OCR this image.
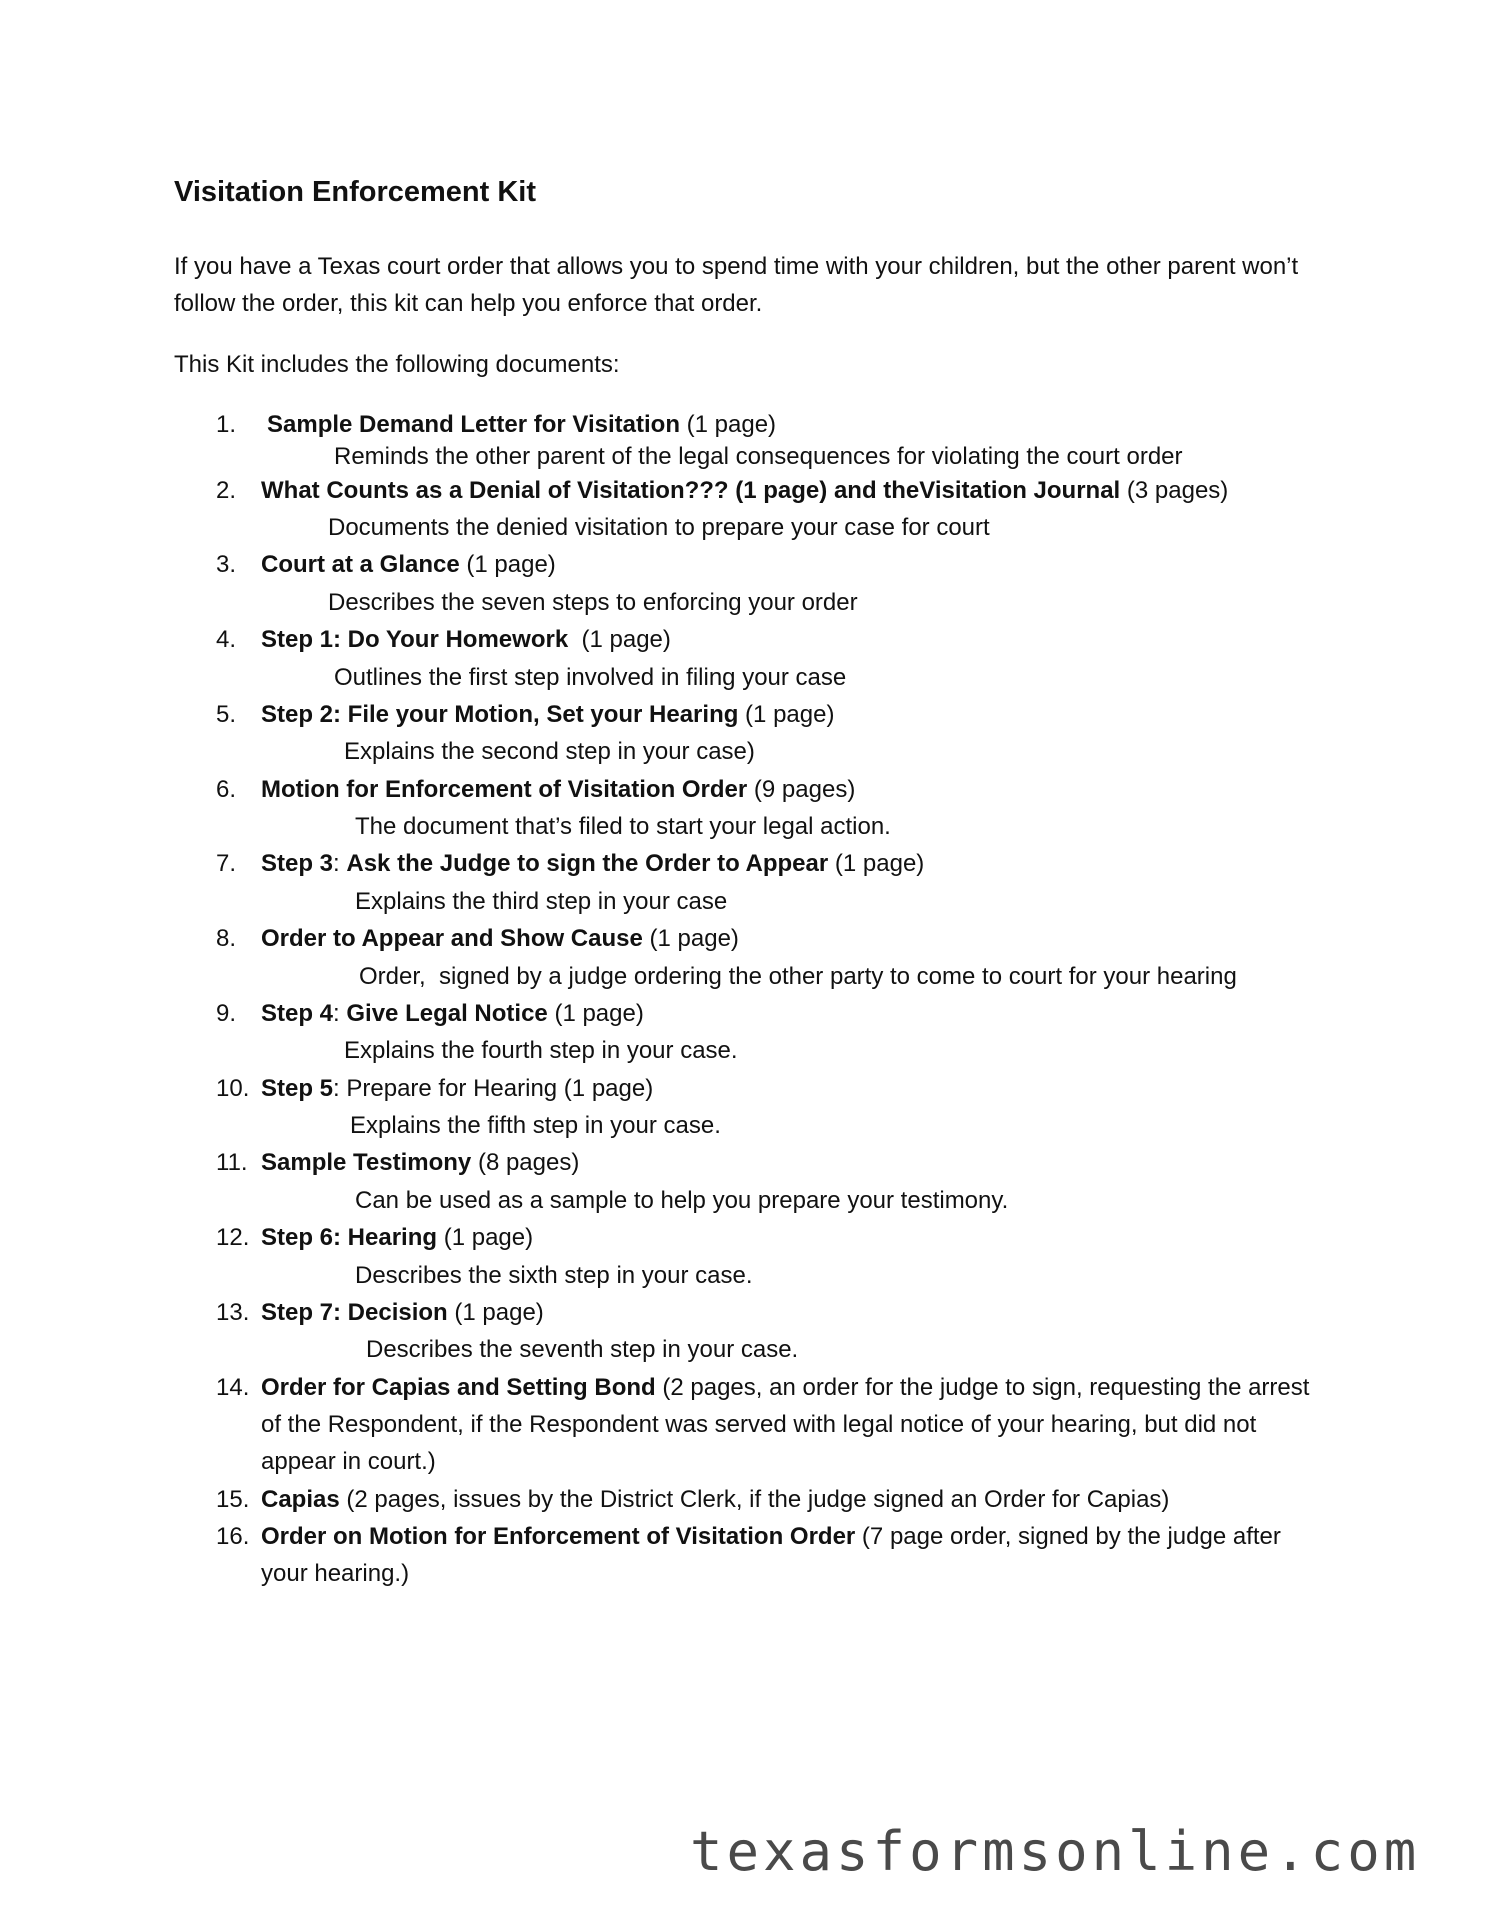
Visitation Enforcement Kit

If you have a Texas court order that allows you to spend time with your children, but the other parent won’t follow the order, this kit can help you enforce that order.

This Kit includes the following documents:

1.	Sample Demand Letter for Visitation (1 page)
Reminds the other parent of the legal consequences for violating the court order
2.	What Counts as a Denial of Visitation??? (1 page) and theVisitation Journal (3 pages)
Documents the denied visitation to prepare your case for court
3.	Court at a Glance (1 page)
Describes the seven steps to enforcing your order
4.	Step 1: Do Your Homework  (1 page)
Outlines the first step involved in filing your case
5.	Step 2: File your Motion, Set your Hearing (1 page)
Explains the second step in your case)
6.	Motion for Enforcement of Visitation Order (9 pages)
The document that’s filed to start your legal action.
7.	Step 3: Ask the Judge to sign the Order to Appear (1 page)
Explains the third step in your case
8.	Order to Appear and Show Cause (1 page)
Order,  signed by a judge ordering the other party to come to court for your hearing
9.	Step 4: Give Legal Notice (1 page)
Explains the fourth step in your case.
10. Step 5: Prepare for Hearing (1 page)
Explains the fifth step in your case.
11. Sample Testimony (8 pages)
Can be used as a sample to help you prepare your testimony.
12. Step 6: Hearing (1 page)
Describes the sixth step in your case.
13. Step 7: Decision (1 page)
Describes the seventh step in your case.
14. Order for Capias and Setting Bond (2 pages, an order for the judge to sign, requesting the arrest of the Respondent, if the Respondent was served with legal notice of your hearing, but did not appear in court.)
15. Capias (2 pages, issues by the District Clerk, if the judge signed an Order for Capias)
16. Order on Motion for Enforcement of Visitation Order (7 page order, signed by the judge after your hearing.)
texasformsonline.com
